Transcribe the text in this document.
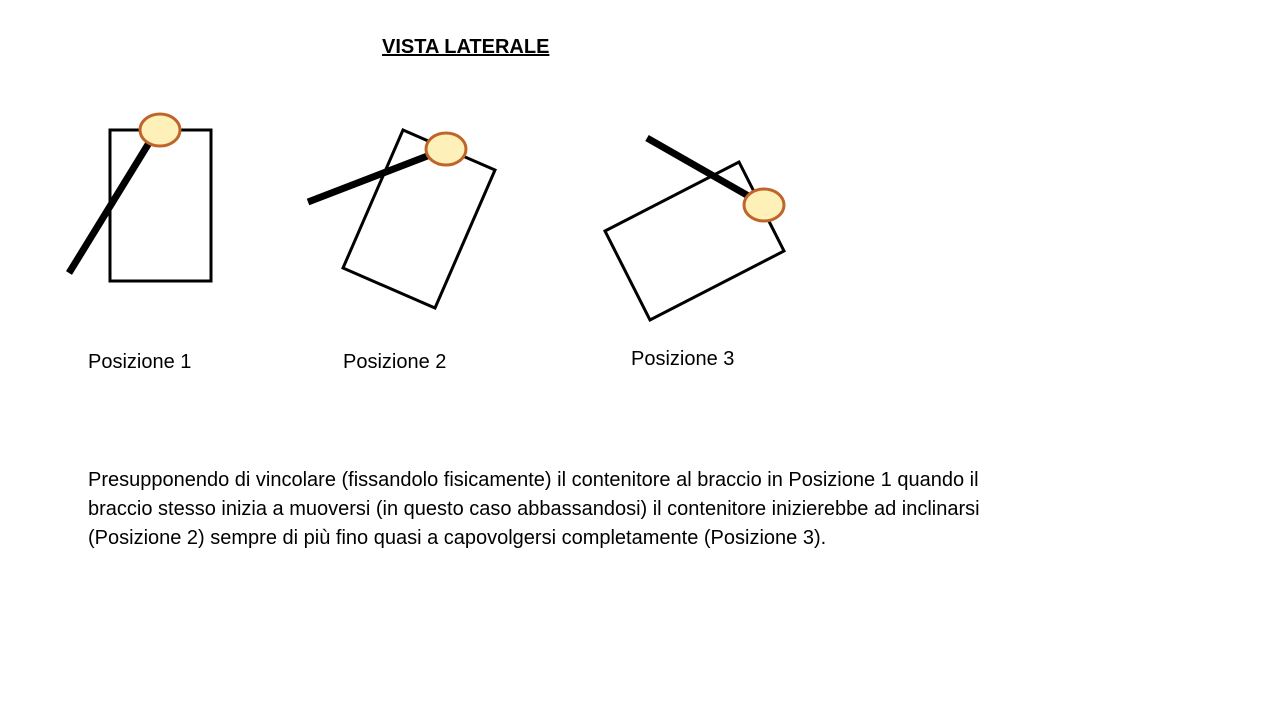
VISTA LATERALE
Posizione 1	Posizione 2	Posizione 3

Presupponendo di vincolare (fissandolo fisicamente) il contenitore al braccio in Posizione 1 quando il braccio stesso inizia a muoversi (in questo caso abbassandosi) il contenitore inizierebbe ad inclinarsi (Posizione 2) sempre di più fino quasi a capovolgersi completamente (Posizione 3).
